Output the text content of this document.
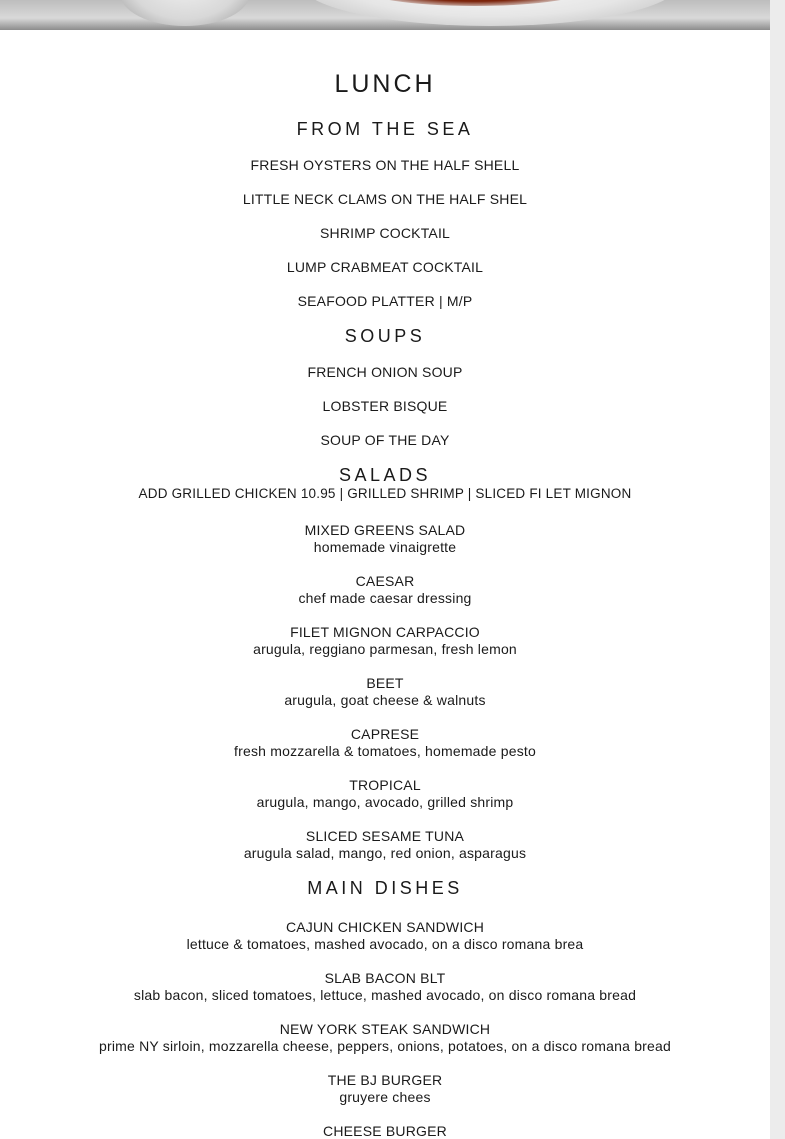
LUNCH
FROM THE SEA
FRESH OYSTERS ON THE HALF SHELL
LITTLE NECK CLAMS ON THE HALF SHEL
SHRIMP COCKTAIL
LUMP CRABMEAT COCKTAIL
SEAFOOD PLATTER | M/P
SOUPS
FRENCH ONION SOUP
LOBSTER BISQUE
SOUP OF THE DAY
SALADS
ADD GRILLED CHICKEN 10.95 | GRILLED SHRIMP | SLICED FI LET MIGNON
MIXED GREENS SALAD
homemade vinaigrette
CAESAR
chef made caesar dressing
FILET MIGNON CARPACCIO
arugula, reggiano parmesan, fresh lemon
BEET
arugula, goat cheese & walnuts
CAPRESE
fresh mozzarella & tomatoes, homemade pesto
TROPICAL
arugula, mango, avocado, grilled shrimp
SLICED SESAME TUNA
arugula salad, mango, red onion, asparagus
MAIN DISHES
CAJUN CHICKEN SANDWICH
lettuce & tomatoes, mashed avocado, on a disco romana brea
SLAB BACON BLT
slab bacon, sliced tomatoes, lettuce, mashed avocado, on disco romana bread
NEW YORK STEAK SANDWICH
prime NY sirloin, mozzarella cheese, peppers, onions, potatoes, on a disco romana bread
THE BJ BURGER
gruyere chees
CHEESE BURGER
